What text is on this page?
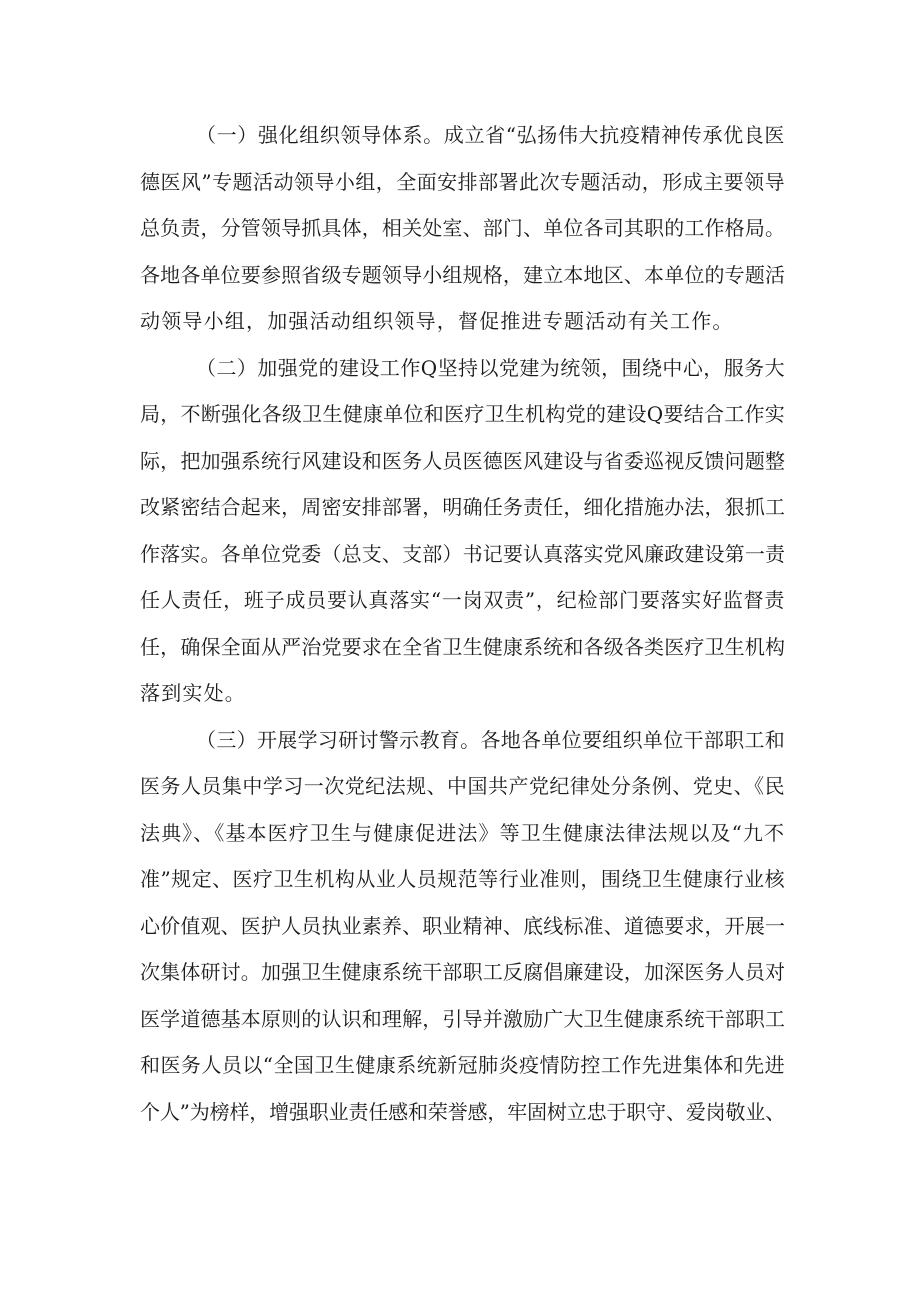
（一）强化组织领导体系。成立省“弘扬伟大抗疫精神传承优良医
德医风”专题活动领导小组，全面安排部署此次专题活动，形成主要领导
总负责，分管领导抓具体，相关处室、部门、单位各司其职的工作格局。
各地各单位要参照省级专题领导小组规格，建立本地区、本单位的专题活
动领导小组，加强活动组织领导，督促推进专题活动有关工作。
（二）加强党的建设工作Q坚持以党建为统领，围绕中心，服务大
局，不断强化各级卫生健康单位和医疗卫生机构党的建设Q要结合工作实
际，把加强系统行风建设和医务人员医德医风建设与省委巡视反馈问题整
改紧密结合起来，周密安排部署，明确任务责任，细化措施办法，狠抓工
作落实。各单位党委（总支、支部）书记要认真落实党风廉政建设第一责
任人责任，班子成员要认真落实“一岗双责”，纪检部门要落实好监督责
任，确保全面从严治党要求在全省卫生健康系统和各级各类医疗卫生机构
落到实处。
（三）开展学习研讨警示教育。各地各单位要组织单位干部职工和
医务人员集中学习一次党纪法规、中国共产党纪律处分条例、党史、《民
法典》、《基本医疗卫生与健康促进法》等卫生健康法律法规以及“九不
准”规定、医疗卫生机构从业人员规范等行业准则，围绕卫生健康行业核
心价值观、医护人员执业素养、职业精神、底线标准、道德要求，开展一
次集体研讨。加强卫生健康系统干部职工反腐倡廉建设，加深医务人员对
医学道德基本原则的认识和理解，引导并激励广大卫生健康系统干部职工
和医务人员以“全国卫生健康系统新冠肺炎疫情防控工作先进集体和先进
个人”为榜样，增强职业责任感和荣誉感，牢固树立忠于职守、爱岗敬业、
